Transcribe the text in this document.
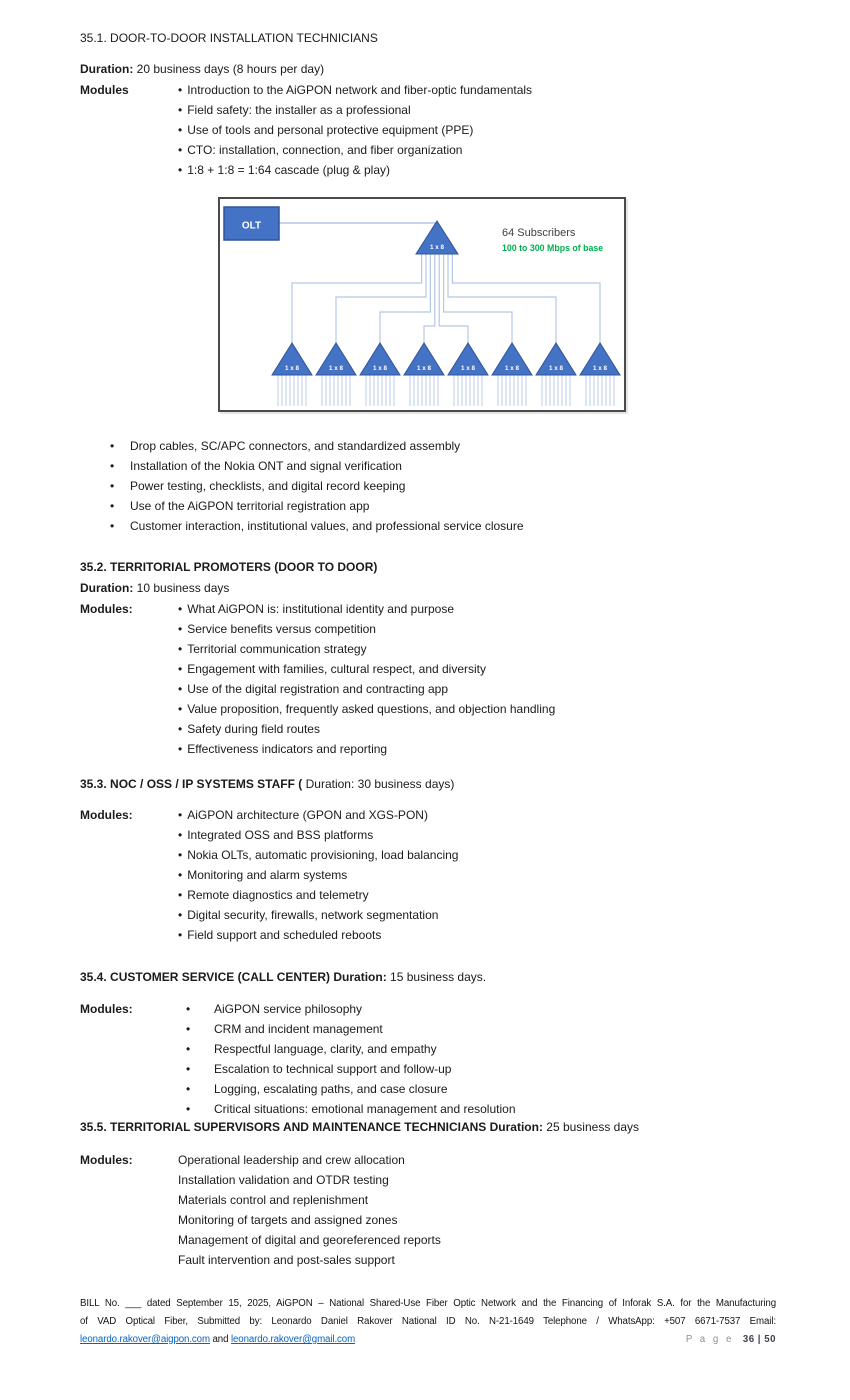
35.1. DOOR-TO-DOOR INSTALLATION TECHNICIANS
Duration: 20 business days (8 hours per day)
Modules	• Introduction to the AiGPON network and fiber-optic fundamentals
• Field safety: the installer as a professional
• Use of tools and personal protective equipment (PPE)
• CTO: installation, connection, and fiber organization
• 1:8 + 1:8 = 1:64 cascade (plug & play)
OLT
64 Subscribers
100 to 300 Mbps of base
1 x 8
1 x 8	1 x 8	1 x 8	1 x 8	1 x 8	1 x 8	1 x 8	1 x 8
• Drop cables, SC/APC connectors, and standardized assembly
• Installation of the Nokia ONT and signal verification
• Power testing, checklists, and digital record keeping
• Use of the AiGPON territorial registration app
• Customer interaction, institutional values, and professional service closure
35.2. TERRITORIAL PROMOTERS (DOOR TO DOOR)
Duration: 10 business days
Modules:	• What AiGPON is: institutional identity and purpose
• Service benefits versus competition
• Territorial communication strategy
• Engagement with families, cultural respect, and diversity
• Use of the digital registration and contracting app
• Value proposition, frequently asked questions, and objection handling
• Safety during field routes
• Effectiveness indicators and reporting
35.3. NOC / OSS / IP SYSTEMS STAFF ( Duration: 30 business days)
Modules:	• AiGPON architecture (GPON and XGS-PON)
• Integrated OSS and BSS platforms
• Nokia OLTs, automatic provisioning, load balancing
• Monitoring and alarm systems
• Remote diagnostics and telemetry
• Digital security, firewalls, network segmentation
• Field support and scheduled reboots
35.4. CUSTOMER SERVICE (CALL CENTER) Duration: 15 business days.
Modules:	• AiGPON service philosophy
• CRM and incident management
• Respectful language, clarity, and empathy
• Escalation to technical support and follow-up
• Logging, escalating paths, and case closure
• Critical situations: emotional management and resolution
35.5. TERRITORIAL SUPERVISORS AND MAINTENANCE TECHNICIANS Duration: 25 business days
Modules:	Operational leadership and crew allocation
Installation validation and OTDR testing
Materials control and replenishment
Monitoring of targets and assigned zones
Management of digital and georeferenced reports
Fault intervention and post-sales support
BILL No. ___ dated September 15, 2025, AiGPON – National Shared-Use Fiber Optic Network and the Financing of Inforak S.A. for the Manufacturing
of VAD Optical Fiber, Submitted by: Leonardo Daniel Rakover National ID No. N-21-1649 Telephone / WhatsApp: +507 6671-7537 Email:
leonardo.rakover@aigpon.com and leonardo.rakover@gmail.com	P a g e 36 | 50
